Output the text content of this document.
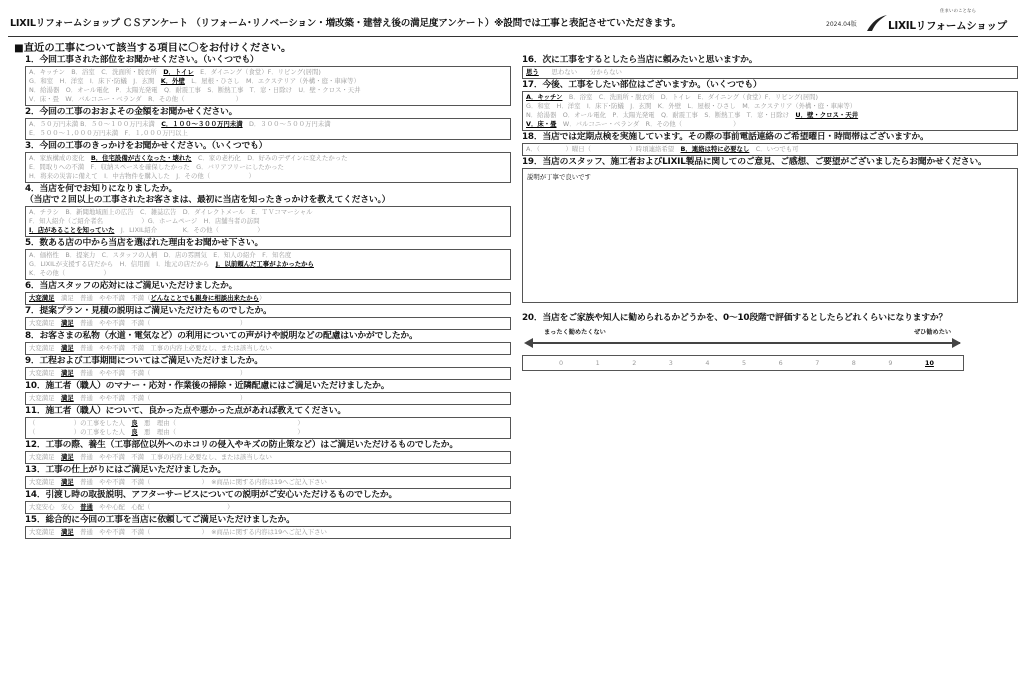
LIXILリフォームショップ ＣＳアンケート （リフォーム･リノベーション・増改築・建替え後の満足度アンケート）※設問では工事と表記させていただきます。	2024.04版
住まいのことなら
LIXILリフォームショップ
■直近の工事について該当する項目に〇をお付けください。
1．今回工事された部位をお聞かせください。（いくつでも）
A．キッチン　B．浴室　C．洗面所・脱衣所　D．トイレ　E．ダイニング（食堂）F．リビング(居間)
G．和室　H．洋室　I．床下･防蟻　J．玄関　K．外壁　L．屋根・ひさし　M．エクステリア（外構・庭・車庫等）
N．給湯器　O．オール電化　P．太陽光発電　Q．耐震工事　S．断熱工事　T．窓・日除け　U．壁・クロス・天井
V．床・畳　W．バルコニー・ベランダ　R．その他（　　　　　　　　）
2．今回の工事のおおよその金額をお聞かせください。
A．５０万円未満 B．５０～１００万円未満　C．１００～３００万円未満　D．３００～５００万円未満
E．５００～１,０００万円未満　F．１,０００万円以上
3．今回の工事のきっかけをお聞かせください。（いくつでも）
A．家族構成の変化　B．住宅設備が古くなった・壊れた　C．家の老朽化　D．好みのデザインに変えたかった
E．間取りへの不満　F．収納スペースを確保したかった　G．バリアフリーにしたかった
H．将来の災害に備えて　I．中古物件を購入した　J．その他（　　　　　　）
4．当店を何でお知りになりましたか。
（当店で２回以上の工事されたお客さまは、最初に当店を知ったきっかけを教えてください。）
A．チラシ　B．新聞地域面上の広告　C．雑誌広告　D．ダイレクトメール　E．ＴＶコマーシャル
F．知人紹介（ご紹介者名　　　　　　）G．ホームページ　H．店舗当者の訪問
I．店があることを知っていた　J．LIXIL紹介　　　　K．その他（　　　　　　）
5．数ある店の中から当店を選ばれた理由をお聞かせ下さい。
A．価格性　B．提案力　C．スタッフの人柄　D．店の雰囲気　E．知人の紹介　F．知名度
G．LIXILが支援する店だから　H．信用面　I．地元の店だから　J．以前頼んだ工事がよかったから
K．その他（　　　　　　）
6．当店スタッフの応対にはご満足いただけましたか。
大変満足　満足　普通　やや不満　不満（どんなことでも親身に相談出来たから）
7．提案プラン・見積の説明はご満足いただけたものでしたか。
大変満足　満足　普通　やや不満　不満（　　　　　　　　　　　　　　）
8．お客さまの私物（水道・電気など）の利用についての声がけや説明などの配慮はいかがでしたか。
大変満足　満足　普通　やや不満　不満　工事の内容上必要なし、または該当しない
9．工程および工事期間についてはご満足いただけましたか。
大変満足　満足　普通　やや不満　不満（　　　　　　　　　　　　　　）
10．施工者（職人）のマナー・応対・作業後の掃除・近隣配慮にはご満足いただけましたか。
大変満足　満足　普通　やや不満　不満（　　　　　　　　　　　　　　）
11．施工者（職人）について、良かった点や悪かった点があれば教えてください。
（　　　　　　）の工事をした人　良　悪　理由（　　　　　　　　　　　　　　　　　　　）
（　　　　　　）の工事をした人　良　悪　理由（　　　　　　　　　　　　　　　　　　　）
12．工事の際、養生（工事部位以外へのホコリの侵入やキズの防止策など）はご満足いただけるものでしたか。
大変満足　満足　普通　やや不満　不満　工事の内容上必要なし、または該当しない
13．工事の仕上がりにはご満足いただけましたか。
大変満足　満足　普通　やや不満　不満（　　　　　　　　）　※商品に関する内容は19へご記入下さい
14．引渡し時の取扱説明、アフターサービスについての説明がご安心いただけるものでしたか。
大変安心　安心　普通　やや心配　心配（　　　　　　　　　　　　）
15．総合的に今回の工事を当店に依頼してご満足いただけましたか。
大変満足　満足　普通　やや不満　不満（　　　　　　　　）　※商品に関する内容は19へご記入下さい
16．次に工事をするとしたら当店に頼みたいと思いますか。
思う　　思わない　　分からない
17．今後、工事をしたい部位はございますか。（いくつでも）
A．キッチン　B．浴室　C．洗面所・脱衣所　D．トイレ　E．ダイニング（食堂）F．リビング(居間)
G．和室　H．洋室　I．床下･防蟻　J．玄関　K．外壁　L．屋根・ひさし　M．エクステリア（外構・庭・車庫等）
N．給湯器　O．オール電化　P．太陽光発電　Q．耐震工事　S．断熱工事　T．窓・日除け　U．壁・クロス・天井
V．床・畳　W．バルコニー・ベランダ　R．その他（　　　　　　　　）
18．当店では定期点検を実施しています。その際の事前電話連絡のご希望曜日・時間帯はございますか。
A．（　　　　）曜日（　　　　　　）時頃連絡希望　B．連絡は特に必要なし　C．いつでも可
19．当店のスタッフ、施工者およびLIXIL製品に関してのご意見、ご感想、ご要望がございましたらお聞かせください。
説明が丁寧で良いです
20．当店をご家族や知人に勧められるかどうかを、0～10段階で評価するとしたらどれくらいになりますか？
まったく勧めたくない	ぜひ勧めたい
0	1	2	3	4	5	6	7	8	9	10
